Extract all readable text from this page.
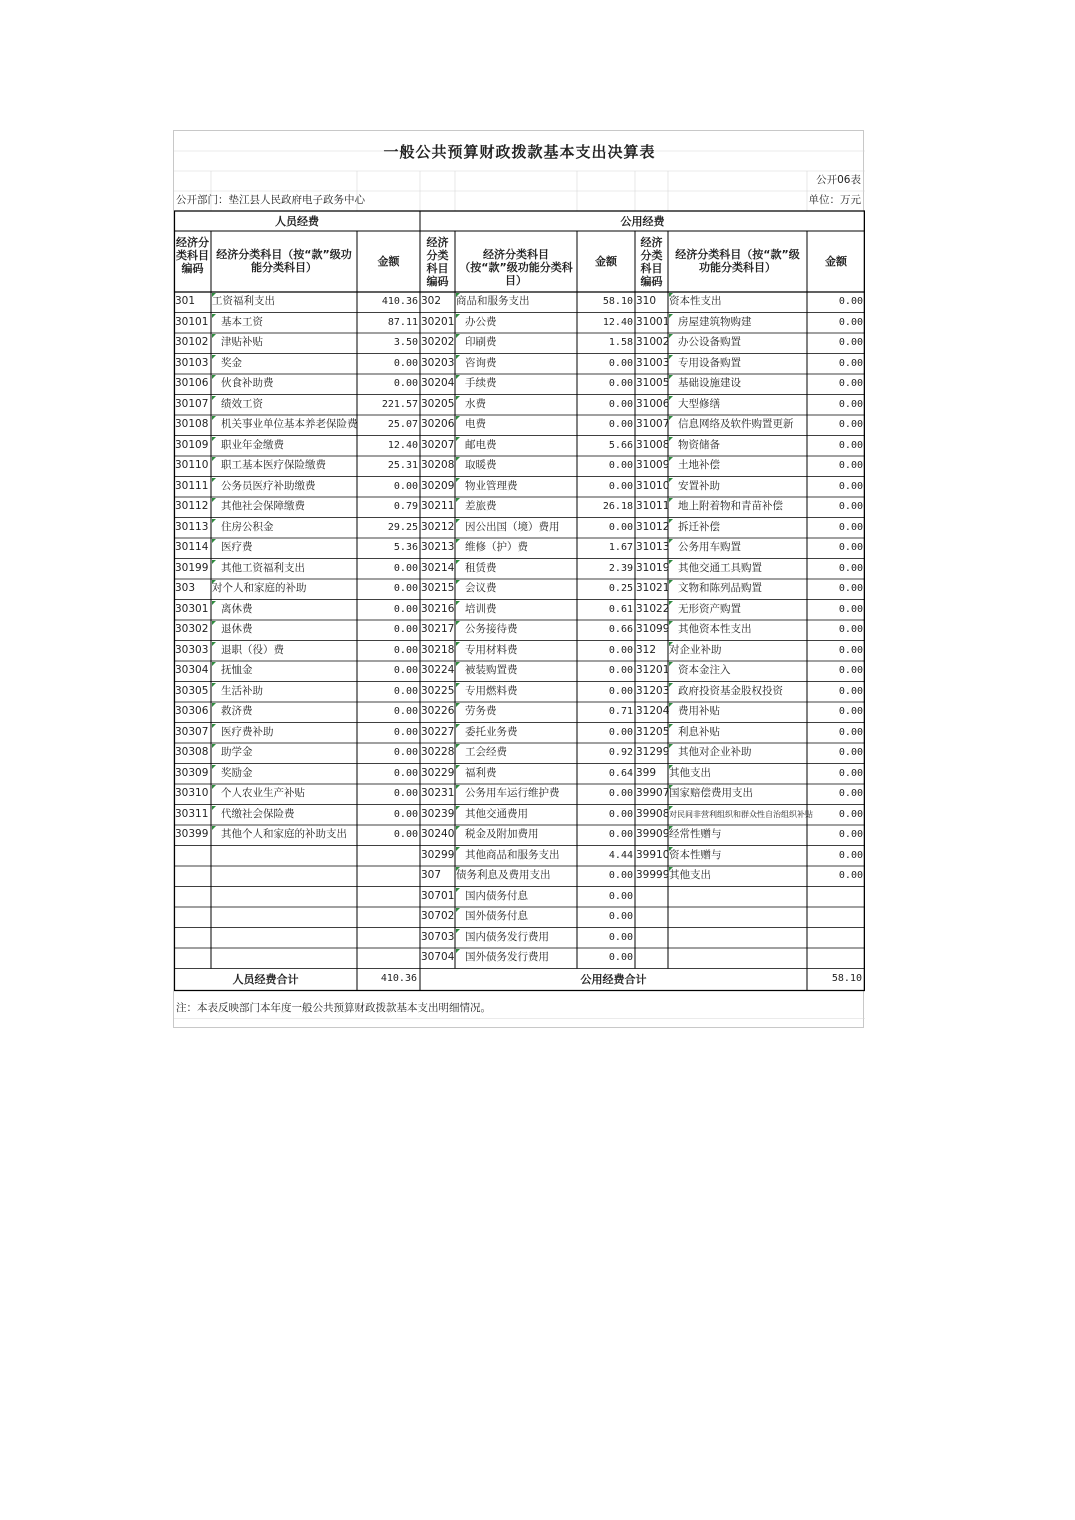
一般公共预算财政拨款基本支出决算表
公开06表
公开部门：垫江县人民政府电子政务中心	单位：万元
人员经费	公用经费
人员经费合计	410.36	公用经费合计	58.10
注：本表反映部门本年度一般公共预算财政拨款基本支出明细情况。
经济分类科目编码
经济分类科目（按“款”级功能分类科目）	金额
经济分类科目编码
经济分类科目（按“款”级功能分类科目）
金额
经济分类科目编码
经济分类科目（按“款”级功能分类科目）	金额
301 工资福利支出	410.36
30101 基本工资	87.11
30102 津贴补贴	3.50
30103 奖金	0.00
30106 伙食补助费	0.00
30107 绩效工资	221.57
30108 机关事业单位基本养老保险费	25.07
30109 职业年金缴费	12.40
30110 职工基本医疗保险缴费	25.31
30111 公务员医疗补助缴费	0.00
30112 其他社会保障缴费	0.79
30113 住房公积金	29.25
30114 医疗费	5.36
30199 其他工资福利支出	0.00
303 对个人和家庭的补助	0.00
30301 离休费	0.00
30302 退休费	0.00
30303 退职（役）费	0.00
30304 抚恤金	0.00
30305 生活补助	0.00
30306 救济费	0.00
30307 医疗费补助	0.00
30308 助学金	0.00
30309 奖励金	0.00
30310 个人农业生产补贴	0.00
30311 代缴社会保险费	0.00
30399 其他个人和家庭的补助支出	0.00
302 商品和服务支出	58.10
30201 办公费	12.40
30202 印刷费	1.58
30203 咨询费	0.00
30204 手续费	0.00
30205 水费	0.00
30206 电费	0.00
30207 邮电费	5.66
30208 取暖费	0.00
30209 物业管理费	0.00
30211 差旅费	26.18
30212 因公出国（境）费用	0.00
30213 维修（护）费	1.67
30214 租赁费	2.39
30215 会议费	0.25
30216 培训费	0.61
30217 公务接待费	0.66
30218 专用材料费	0.00
30224 被装购置费	0.00
30225 专用燃料费	0.00
30226 劳务费	0.71
30227 委托业务费	0.00
30228 工会经费	0.92
30229 福利费	0.64
30231 公务用车运行维护费	0.00
30239 其他交通费用	0.00
30240 税金及附加费用	0.00
30299 其他商品和服务支出	4.44
307 债务利息及费用支出	0.00
30701 国内债务付息	0.00
30702 国外债务付息	0.00
30703 国内债务发行费用	0.00
30704 国外债务发行费用	0.00
310 资本性支出	0.00
31001 房屋建筑物购建	0.00
31002 办公设备购置	0.00
31003 专用设备购置	0.00
31005 基础设施建设	0.00
31006 大型修缮	0.00
31007 信息网络及软件购置更新	0.00
31008 物资储备	0.00
31009 土地补偿	0.00
31010 安置补助	0.00
31011 地上附着物和青苗补偿	0.00
31012 拆迁补偿	0.00
31013 公务用车购置	0.00
31019 其他交通工具购置	0.00
31021 文物和陈列品购置	0.00
31022 无形资产购置	0.00
31099 其他资本性支出	0.00
312 对企业补助	0.00
31201 资本金注入	0.00
31203 政府投资基金股权投资	0.00
31204 费用补贴	0.00
31205 利息补贴	0.00
31299 其他对企业补助	0.00
399 其他支出	0.00
39907 国家赔偿费用支出	0.00
39908 对民间非营利组织和群众性自治组织补贴	0.00
39909 经常性赠与	0.00
39910 资本性赠与	0.00
39999 其他支出	0.00
